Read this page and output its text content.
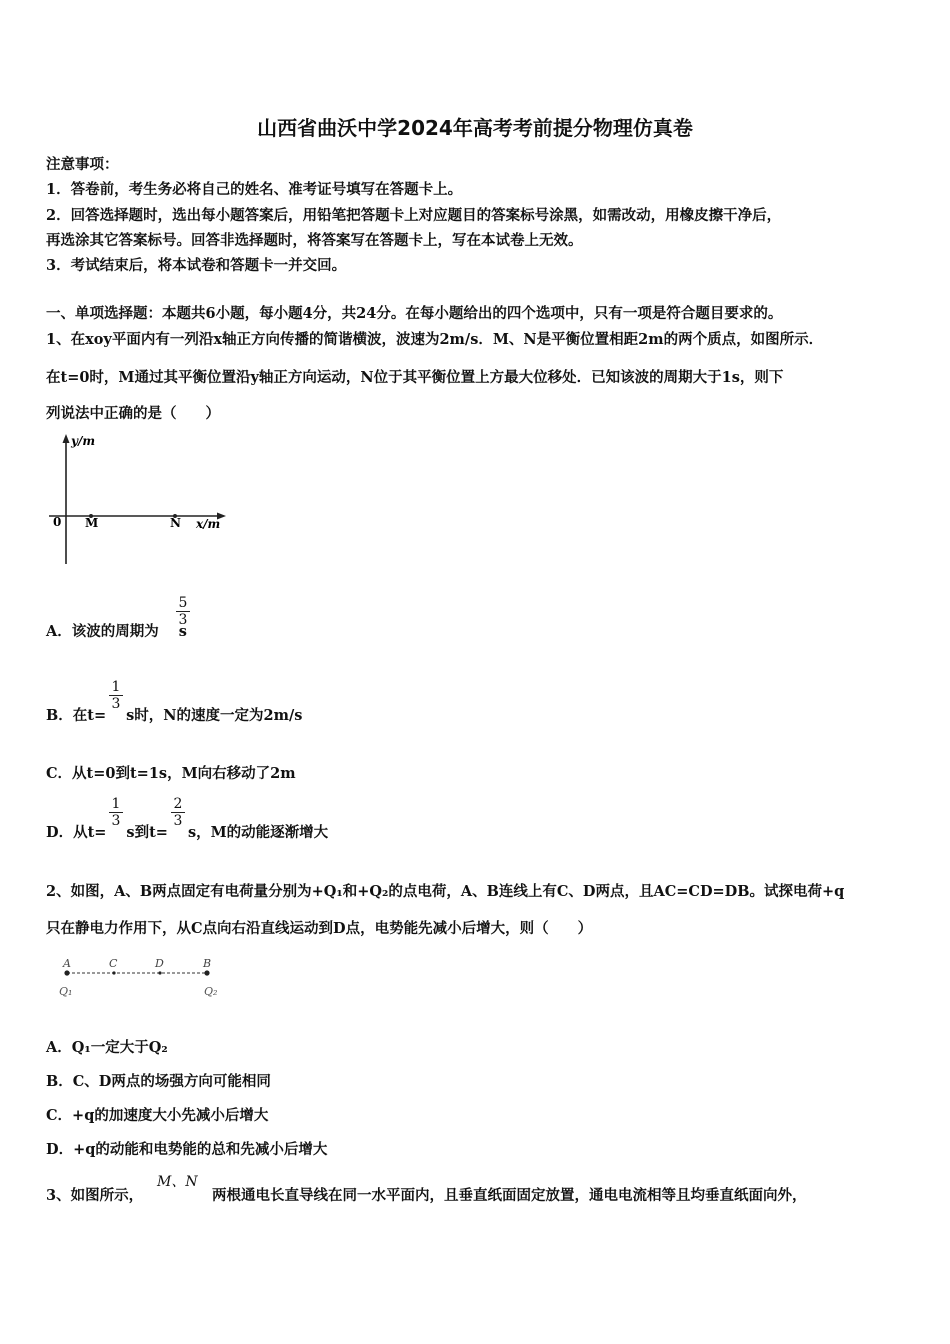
山西省曲沃中学2024年高考考前提分物理仿真卷
注意事项：
1．答卷前，考生务必将自己的姓名、准考证号填写在答题卡上。
2．回答选择题时，选出每小题答案后，用铅笔把答题卡上对应题目的答案标号涂黑，如需改动，用橡皮擦干净后，
再选涂其它答案标号。回答非选择题时，将答案写在答题卡上，写在本试卷上无效。
3．考试结束后，将本试卷和答题卡一并交回。
一、单项选择题：本题共6小题，每小题4分，共24分。在每小题给出的四个选项中，只有一项是符合题目要求的。
1、在xoy平面内有一列沿x轴正方向传播的简谐横波，波速为2m/s．M、N是平衡位置相距2m的两个质点，如图所示．
在t=0时，M通过其平衡位置沿y轴正方向运动，N位于其平衡位置上方最大位移处．已知该波的周期大于1s，则下
列说法中正确的是（　　）
y/m
0 M	N x/m
A．该波的周期为 s
$\frac{5}{3}$
B．在t= s时，N的速度一定为2m/s
$\frac{1}{3}$
C．从t=0到t=1s，M向右移动了2m
D．从t= s到t= s，M的动能逐渐增大
$\frac{1}{3}$	$\frac{2}{3}$
2、如图，A、B两点固定有电荷量分别为+Q₁和+Q₂的点电荷，A、B连线上有C、D两点，且AC=CD=DB。试探电荷+q
只在静电力作用下，从C点向右沿直线运动到D点，电势能先减小后增大，则（　　）
A	C	D	B
Q₁	Q₂
A．Q₁一定大于Q₂
B．C、D两点的场强方向可能相同
C．+q的加速度大小先减小后增大
D．+q的动能和电势能的总和先减小后增大
3、如图所示，
M、N
两根通电长直导线在同一水平面内，且垂直纸面固定放置，通电电流相等且均垂直纸面向外，
